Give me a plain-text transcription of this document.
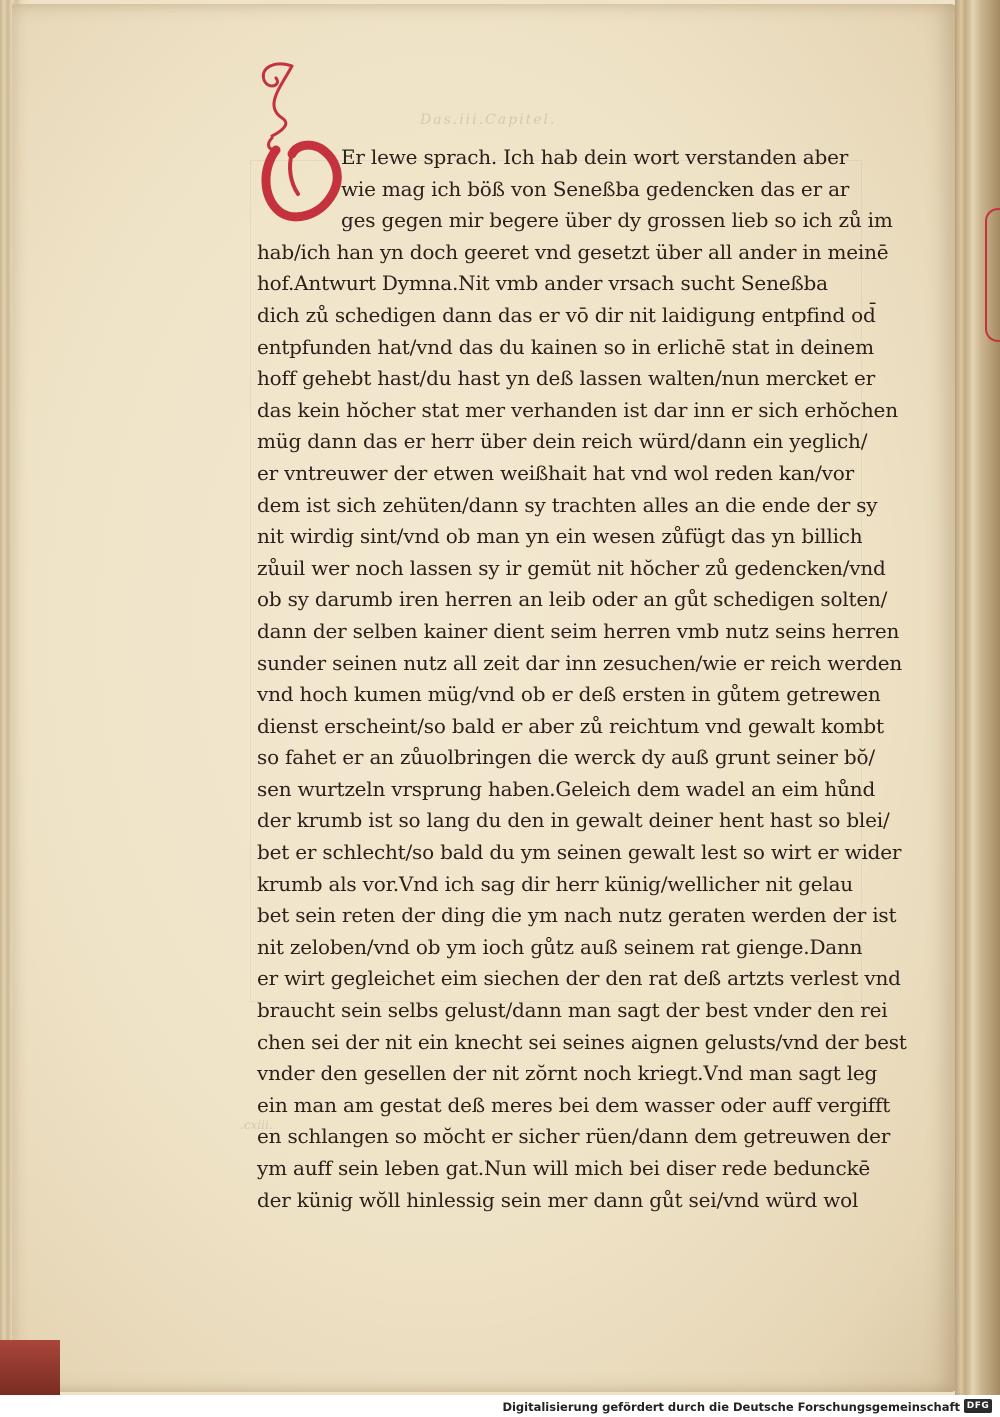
Das.iii.Capitel.
.cxiii.
D
Er lewe sprach. Ich hab dein wort verstanden aber
wie mag ich böß von Seneßba gedencken das er ar
ges gegen mir begere über dy grossen lieb so ich zů im
hab/ich han yn doch geeret vnd gesetzt über all ander in meinē
hof.Antwurt Dymna.Nit vmb ander vrsach sucht Seneßba
dich zů schedigen dann das er vō dir nit laidigung entpfind od̄
entpfunden hat/vnd das du kainen so in erlichē stat in deinem
hoff gehebt hast/du hast yn deß lassen walten/nun mercket er
das kein hŏcher stat mer verhanden ist dar inn er sich erhŏchen
müg dann das er herr über dein reich würd/dann ein yeglich/
er vntreuwer der etwen weißhait hat vnd wol reden kan/vor
dem ist sich zehüten/dann sy trachten alles an die ende der sy
nit wirdig sint/vnd ob man yn ein wesen zůfügt das yn billich
zůuil wer noch lassen sy ir gemüt nit hŏcher zů gedencken/vnd
ob sy darumb iren herren an leib oder an gůt schedigen solten/
dann der selben kainer dient seim herren vmb nutz seins herren
sunder seinen nutz all zeit dar inn zesuchen/wie er reich werden
vnd hoch kumen müg/vnd ob er deß ersten in gůtem getrewen
dienst erscheint/so bald er aber zů reichtum vnd gewalt kombt
so fahet er an zůuolbringen die werck dy auß grunt seiner bŏ/
sen wurtzeln vrsprung haben.Geleich dem wadel an eim hůnd
der krumb ist so lang du den in gewalt deiner hent hast so blei/
bet er schlecht/so bald du ym seinen gewalt lest so wirt er wider
krumb als vor.Vnd ich sag dir herr künig/wellicher nit gelau
bet sein reten der ding die ym nach nutz geraten werden der ist
nit zeloben/vnd ob ym ioch gůtz auß seinem rat gienge.Dann
er wirt gegleichet eim siechen der den rat deß artzts verlest vnd
braucht sein selbs gelust/dann man sagt der best vnder den rei
chen sei der nit ein knecht sei seines aignen gelusts/vnd der best
vnder den gesellen der nit zŏrnt noch kriegt.Vnd man sagt leg
ein man am gestat deß meres bei dem wasser oder auff vergifft
en schlangen so mŏcht er sicher rüen/dann dem getreuwen der
ym auff sein leben gat.Nun will mich bei diser rede bedunckē
der künig wŏll hinlessig sein mer dann gůt sei/vnd würd wol
Digitalisierung gefördert durch die Deutsche Forschungsgemeinschaft DFG
